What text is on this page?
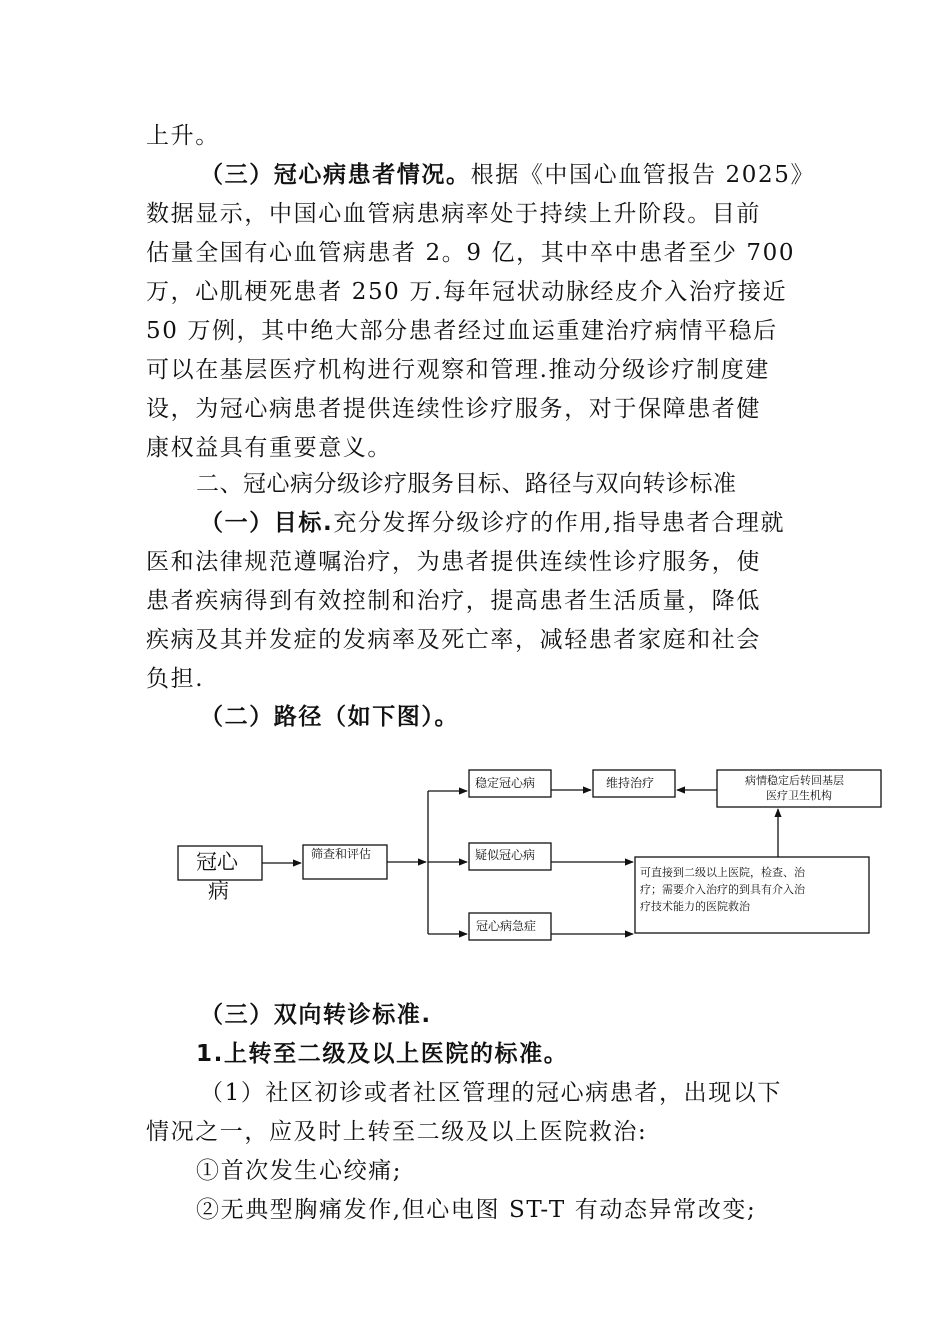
上升。
（三）冠心病患者情况。根据《中国心血管报告 2025》
数据显示，中国心血管病患病率处于持续上升阶段。目前
估量全国有心血管病患者 2。9 亿，其中卒中患者至少 700
万，心肌梗死患者 250 万.每年冠状动脉经皮介入治疗接近
50 万例，其中绝大部分患者经过血运重建治疗病情平稳后
可以在基层医疗机构进行观察和管理.推动分级诊疗制度建
设，为冠心病患者提供连续性诊疗服务，对于保障患者健
康权益具有重要意义。
二、冠心病分级诊疗服务目标、路径与双向转诊标准
（一）目标.充分发挥分级诊疗的作用,指导患者合理就
医和法律规范遵嘱治疗，为患者提供连续性诊疗服务，使
患者疾病得到有效控制和治疗，提高患者生活质量，降低
疾病及其并发症的发病率及死亡率，减轻患者家庭和社会
负担.
（二）路径（如下图）。
冠心
病
筛查和评估
稳定冠心病	维持治疗	病情稳定后转回基层
医疗卫生机构
疑似冠心病
冠心病急症
可直接到二级以上医院，检查、治
疗；需要介入治疗的到具有介入治
疗技术能力的医院救治
（三）双向转诊标准.
1.上转至二级及以上医院的标准。
（1）社区初诊或者社区管理的冠心病患者，出现以下
情况之一，应及时上转至二级及以上医院救治:
①首次发生心绞痛;
②无典型胸痛发作,但心电图 ST-T 有动态异常改变;
